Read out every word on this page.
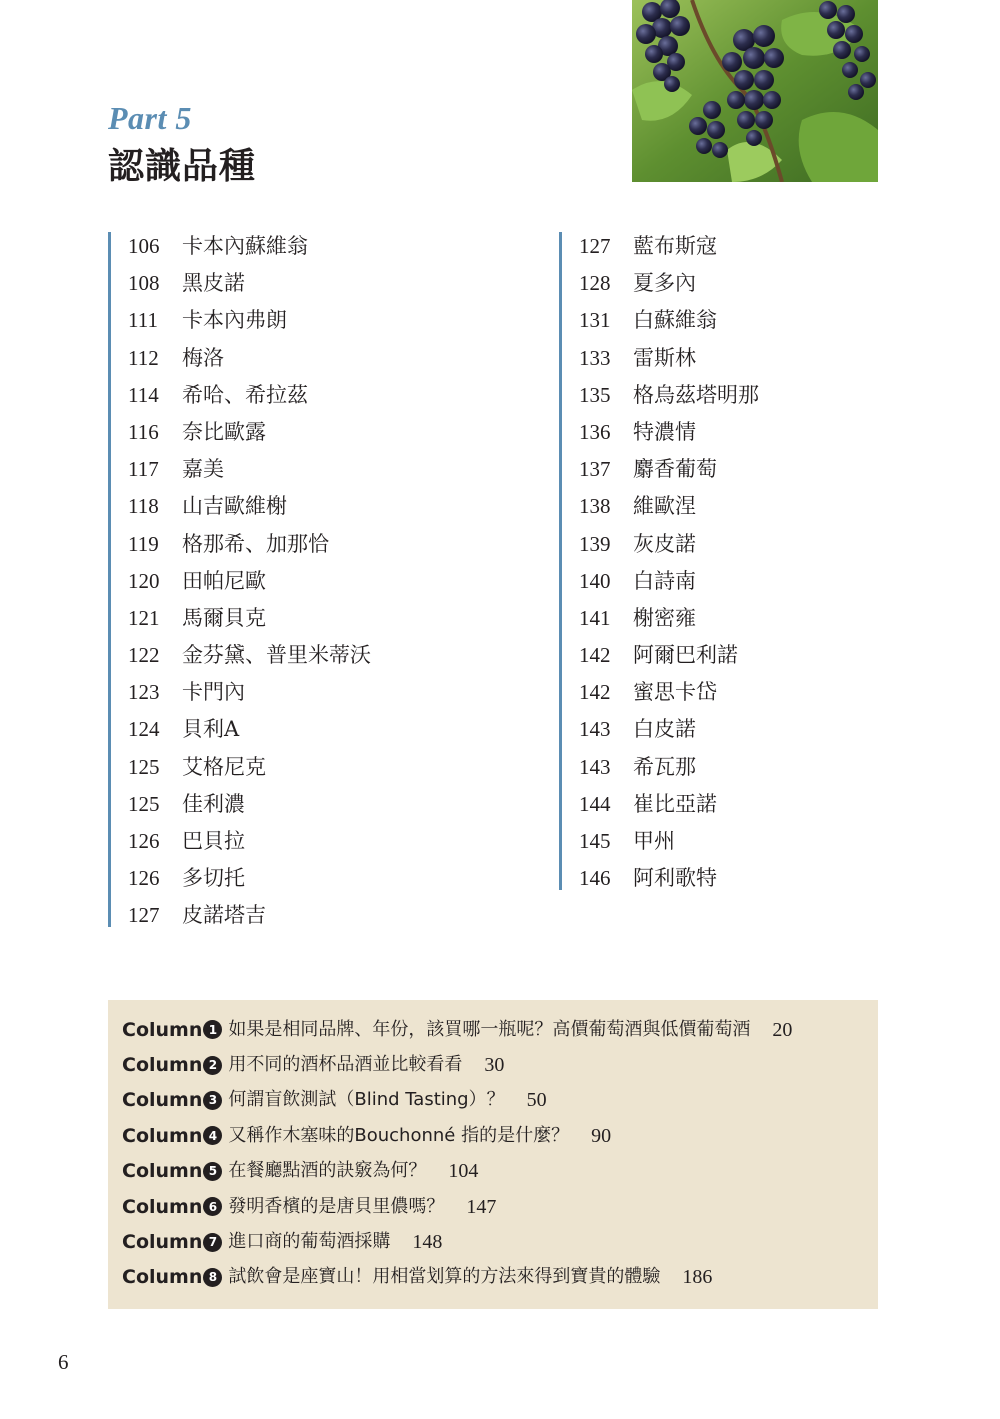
Part 5
認識品種
106	卡本內蘇維翁
108	黑皮諾
111	卡本內弗朗
112	梅洛
114	希哈、希拉茲
116	奈比歐露
117	嘉美
118	山吉歐維榭
119	格那希、加那恰
120	田帕尼歐
121	馬爾貝克
122	金芬黛、普里米蒂沃
123	卡門內
124	貝利A
125	艾格尼克
125	佳利濃
126	巴貝拉
126	多切托
127	皮諾塔吉
127	藍布斯寇
128	夏多內
131	白蘇維翁
133	雷斯林
135	格烏茲塔明那
136	特濃情
137	麝香葡萄
138	維歐涅
139	灰皮諾
140	白詩南
141	榭密雍
142	阿爾巴利諾
142	蜜思卡岱
143	白皮諾
143	希瓦那
144	崔比亞諾
145	甲州
146	阿利歌特
Column 1 如果是相同品牌、年份，該買哪一瓶呢？高價葡萄酒與低價葡萄酒 20
Column 2 用不同的酒杯品酒並比較看看 30
Column 3 何謂盲飲測試（Blind Tasting）？ 50
Column 4 又稱作木塞味的Bouchonné 指的是什麼？ 90
Column 5 在餐廳點酒的訣竅為何？ 104
Column 6 發明香檳的是唐貝里儂嗎？ 147
Column 7 進口商的葡萄酒採購 148
Column 8 試飲會是座寶山！用相當划算的方法來得到寶貴的體驗 186
6
